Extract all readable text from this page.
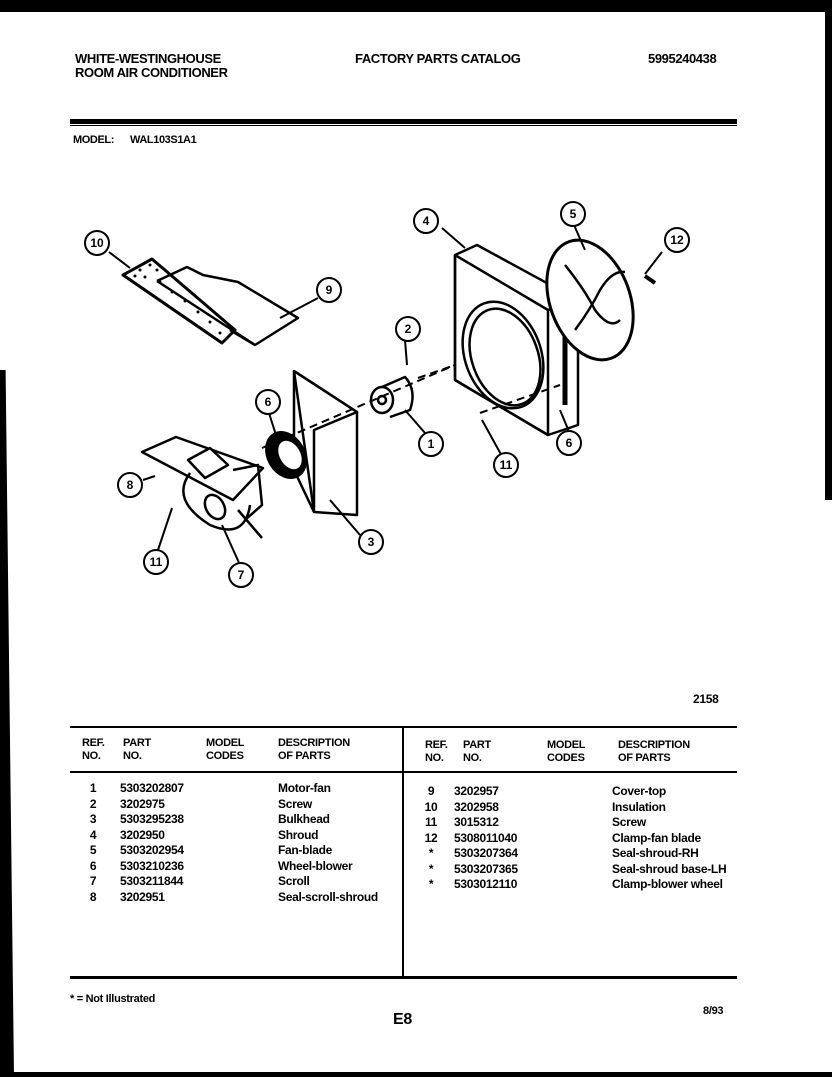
WHITE-WESTINGHOUSE
ROOM AIR CONDITIONER
FACTORY PARTS CATALOG	5995240438
MODEL: WAL103S1A1
10
9
2
1
4	5
12
6
11
6
3
8
11
7
2158
REF.
NO.
PART
NO.
MODEL
CODES
DESCRIPTION
OF PARTS
REF.
NO.
PART
NO.
MODEL
CODES
DESCRIPTION
OF PARTS
1 5303202807	Motor-fan
2 3202975	Screw
3 5303295238	Bulkhead
4 3202950	Shroud
5 5303202954	Fan-blade
6 5303210236	Wheel-blower
7 5303211844	Scroll
8 3202951	Seal-scroll-shroud
9 3202957	Cover-top
10 3202958	Insulation
11 3015312	Screw
12 5308011040	Clamp-fan blade
* 5303207364	Seal-shroud-RH
* 5303207365	Seal-shroud base-LH
* 5303012110	Clamp-blower wheel
* = Not Illustrated
E8	8/93
